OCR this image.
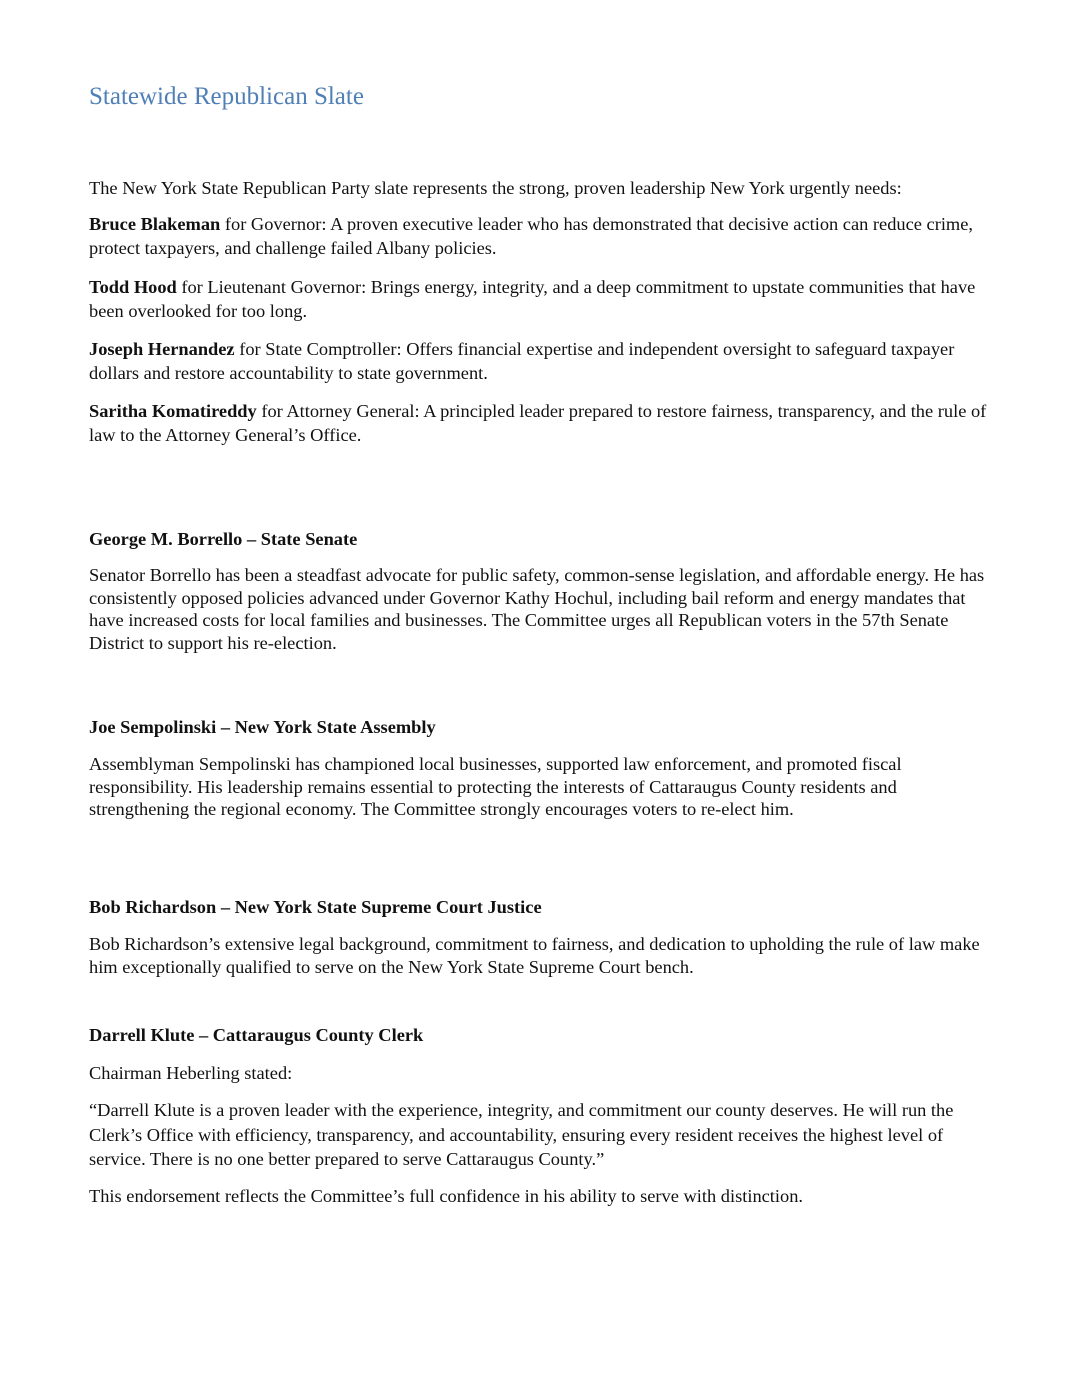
Statewide Republican Slate

The New York State Republican Party slate represents the strong, proven leadership New York urgently needs:

Bruce Blakeman for Governor: A proven executive leader who has demonstrated that decisive action can reduce crime, protect taxpayers, and challenge failed Albany policies.

Todd Hood for Lieutenant Governor: Brings energy, integrity, and a deep commitment to upstate communities that have been overlooked for too long.

Joseph Hernandez for State Comptroller: Offers financial expertise and independent oversight to safeguard taxpayer dollars and restore accountability to state government.

Saritha Komatireddy for Attorney General: A principled leader prepared to restore fairness, transparency, and the rule of law to the Attorney General’s Office.

George M. Borrello – State Senate

Senator Borrello has been a steadfast advocate for public safety, common-sense legislation, and affordable energy. He has consistently opposed policies advanced under Governor Kathy Hochul, including bail reform and energy mandates that have increased costs for local families and businesses. The Committee urges all Republican voters in the 57th Senate District to support his re-election.

Joe Sempolinski – New York State Assembly

Assemblyman Sempolinski has championed local businesses, supported law enforcement, and promoted fiscal responsibility. His leadership remains essential to protecting the interests of Cattaraugus County residents and strengthening the regional economy. The Committee strongly encourages voters to re-elect him.

Bob Richardson – New York State Supreme Court Justice

Bob Richardson’s extensive legal background, commitment to fairness, and dedication to upholding the rule of law make him exceptionally qualified to serve on the New York State Supreme Court bench.

Darrell Klute – Cattaraugus County Clerk

Chairman Heberling stated:

“Darrell Klute is a proven leader with the experience, integrity, and commitment our county deserves. He will run the Clerk’s Office with efficiency, transparency, and accountability, ensuring every resident receives the highest level of service. There is no one better prepared to serve Cattaraugus County.”

This endorsement reflects the Committee’s full confidence in his ability to serve with distinction.
